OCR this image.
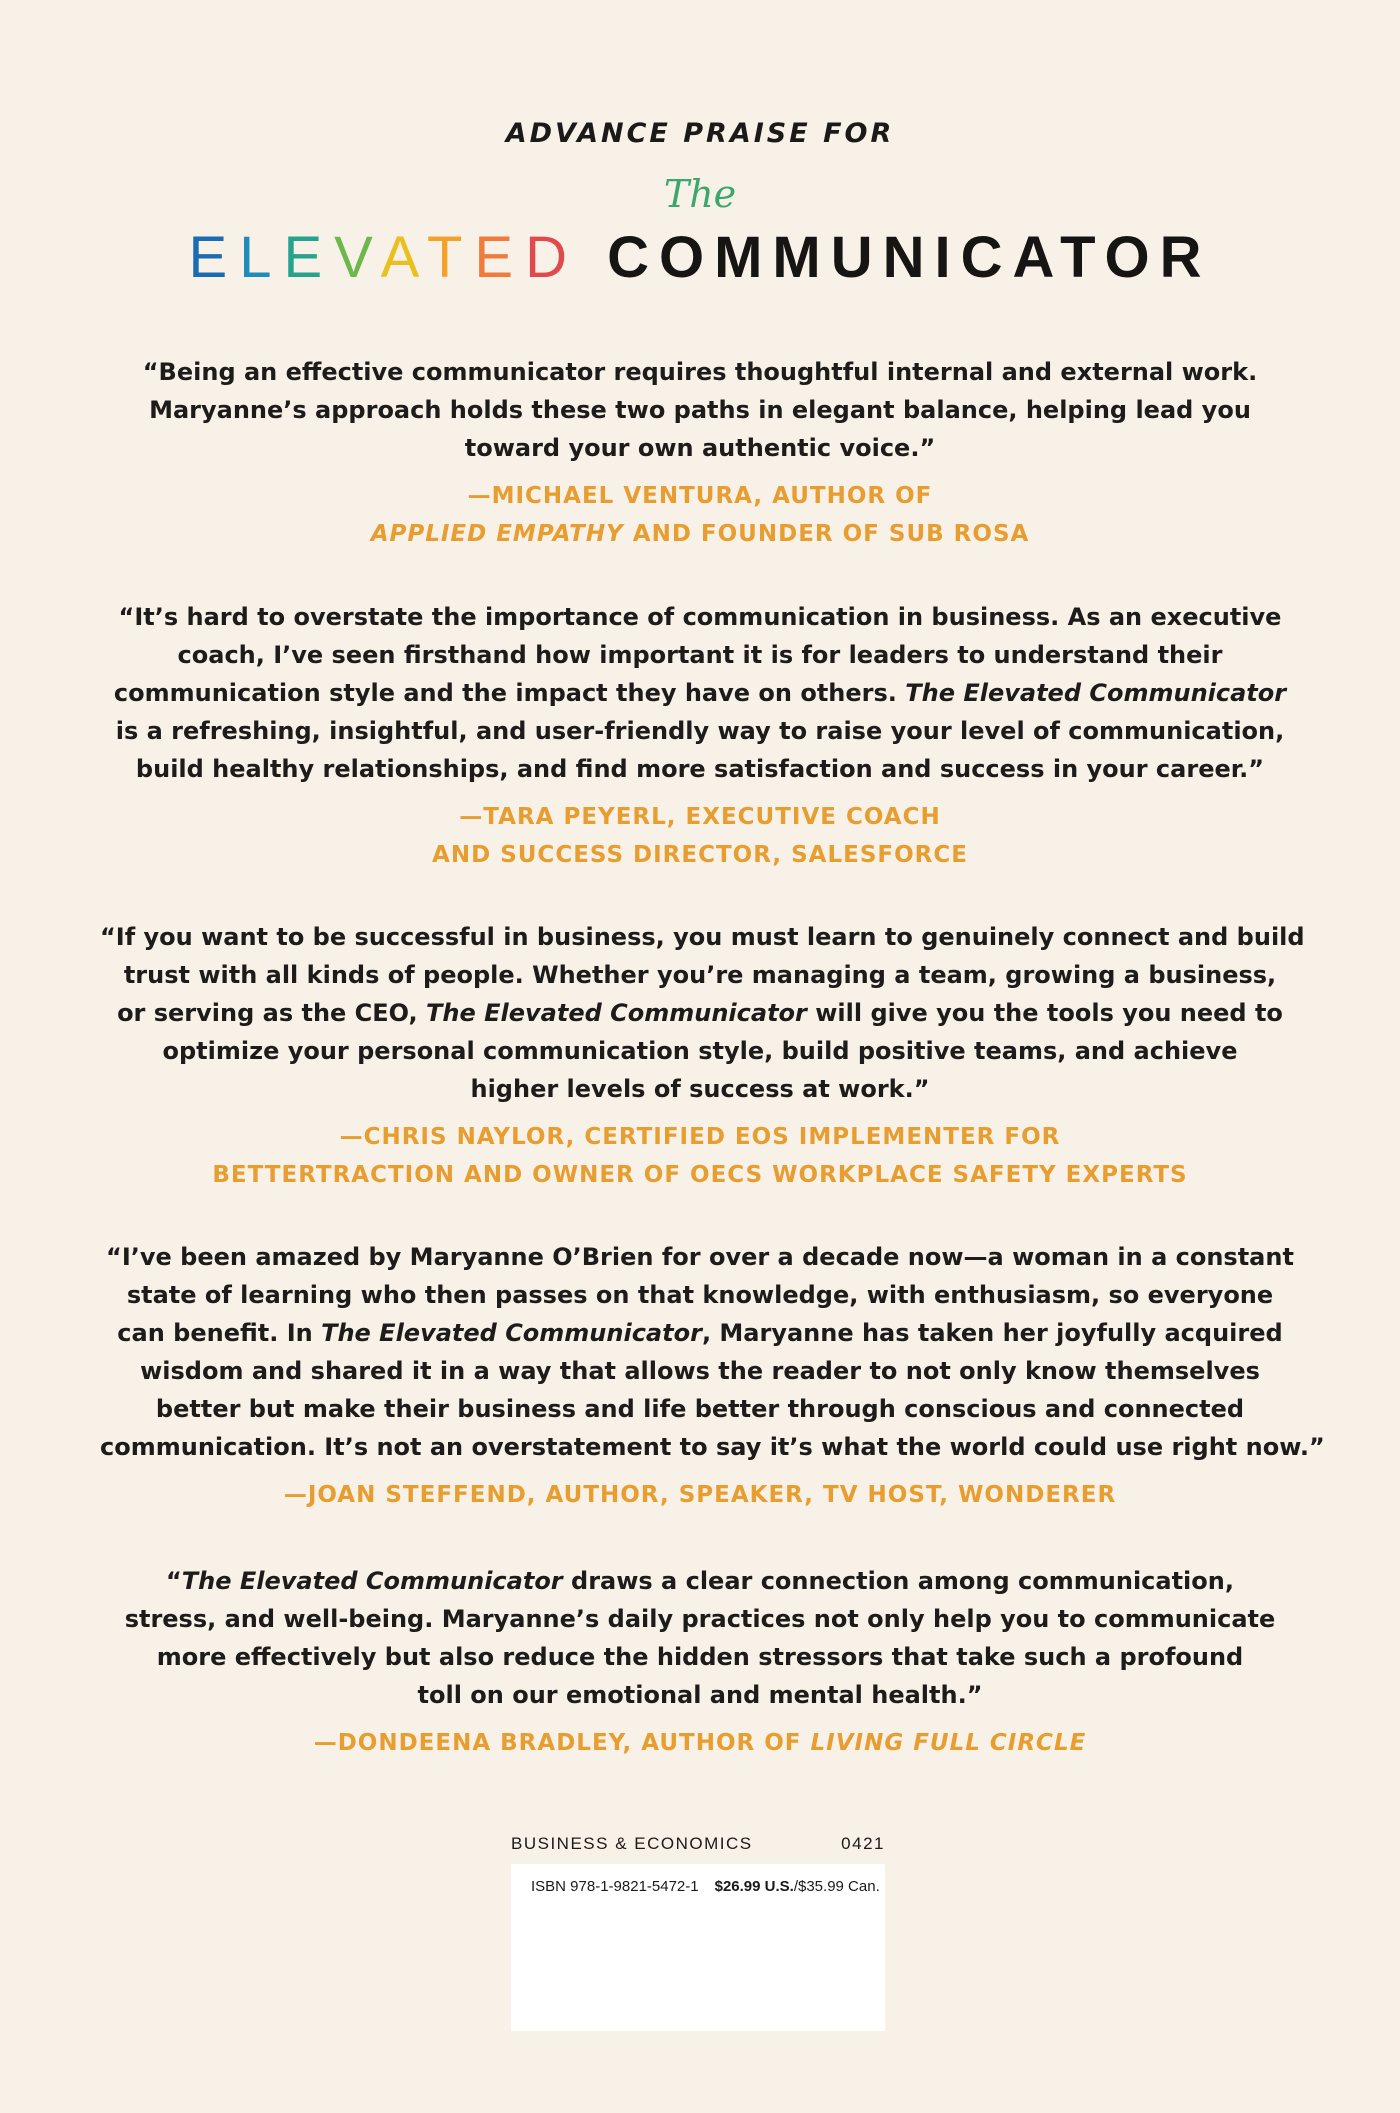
ADVANCE PRAISE FOR
The
ELEVATED COMMUNICATOR
“Being an effective communicator requires thoughtful internal and external work.
Maryanne’s approach holds these two paths in elegant balance, helping lead you
toward your own authentic voice.”
—MICHAEL VENTURA, AUTHOR OF
APPLIED EMPATHY AND FOUNDER OF SUB ROSA
“It’s hard to overstate the importance of communication in business. As an executive
coach, I’ve seen firsthand how important it is for leaders to understand their
communication style and the impact they have on others. The Elevated Communicator
is a refreshing, insightful, and user-friendly way to raise your level of communication,
build healthy relationships, and find more satisfaction and success in your career.”
—TARA PEYERL, EXECUTIVE COACH
AND SUCCESS DIRECTOR, SALESFORCE
“If you want to be successful in business, you must learn to genuinely connect and build
trust with all kinds of people. Whether you’re managing a team, growing a business,
or serving as the CEO, The Elevated Communicator will give you the tools you need to
optimize your personal communication style, build positive teams, and achieve
higher levels of success at work.”
—CHRIS NAYLOR, CERTIFIED EOS IMPLEMENTER FOR
BETTERTRACTION AND OWNER OF OECS WORKPLACE SAFETY EXPERTS
“I’ve been amazed by Maryanne O’Brien for over a decade now—a woman in a constant
state of learning who then passes on that knowledge, with enthusiasm, so everyone
can benefit. In The Elevated Communicator, Maryanne has taken her joyfully acquired
wisdom and shared it in a way that allows the reader to not only know themselves
better but make their business and life better through conscious and connected
communication. It’s not an overstatement to say it’s what the world could use right now.”
—JOAN STEFFEND, AUTHOR, SPEAKER, TV HOST, WONDERER
“The Elevated Communicator draws a clear connection among communication,
stress, and well-being. Maryanne’s daily practices not only help you to communicate
more effectively but also reduce the hidden stressors that take such a profound
toll on our emotional and mental health.”
—DONDEENA BRADLEY, AUTHOR OF LIVING FULL CIRCLE
BUSINESS & ECONOMICS	0421
ISBN 978-1-9821-5472-1 $26.99 U.S./$35.99 Can.
